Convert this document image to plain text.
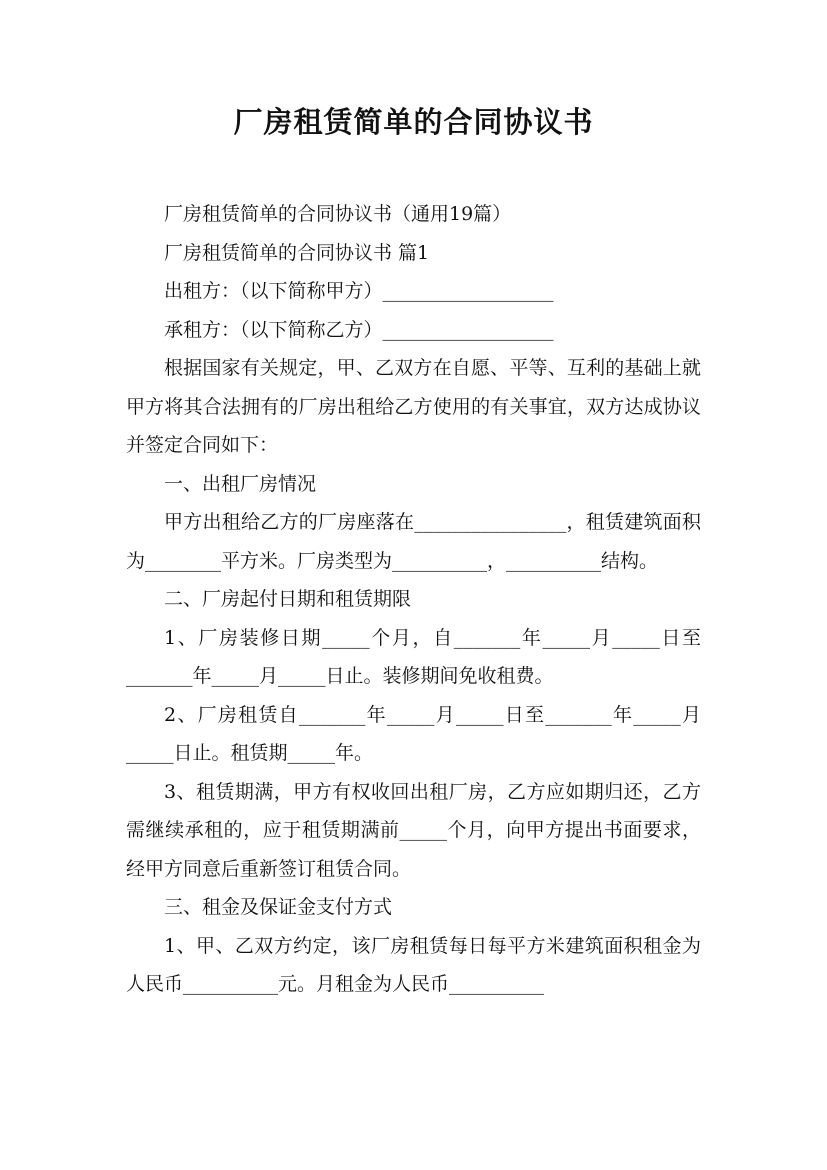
厂房租赁简单的合同协议书

厂房租赁简单的合同协议书（通用19篇）

厂房租赁简单的合同协议书 篇1

出租方：（以下简称甲方）__________________

承租方：（以下简称乙方）__________________

根据国家有关规定，甲、乙双方在自愿、平等、互利的基础上就甲方将其合法拥有的厂房出租给乙方使用的有关事宜，双方达成协议并签定合同如下：

一、出租厂房情况

甲方出租给乙方的厂房座落在________________，租赁建筑面积为________平方米。厂房类型为__________，__________结构。

二、厂房起付日期和租赁期限

1、厂房装修日期_____个月，自_______年_____月_____日至_______年_____月_____日止。装修期间免收租费。

2、厂房租赁自_______年_____月_____日至_______年_____月_____日止。租赁期_____年。

3、租赁期满，甲方有权收回出租厂房，乙方应如期归还，乙方需继续承租的，应于租赁期满前_____个月，向甲方提出书面要求，经甲方同意后重新签订租赁合同。

三、租金及保证金支付方式

1、甲、乙双方约定，该厂房租赁每日每平方米建筑面积租金为人民币__________元。月租金为人民币__________
